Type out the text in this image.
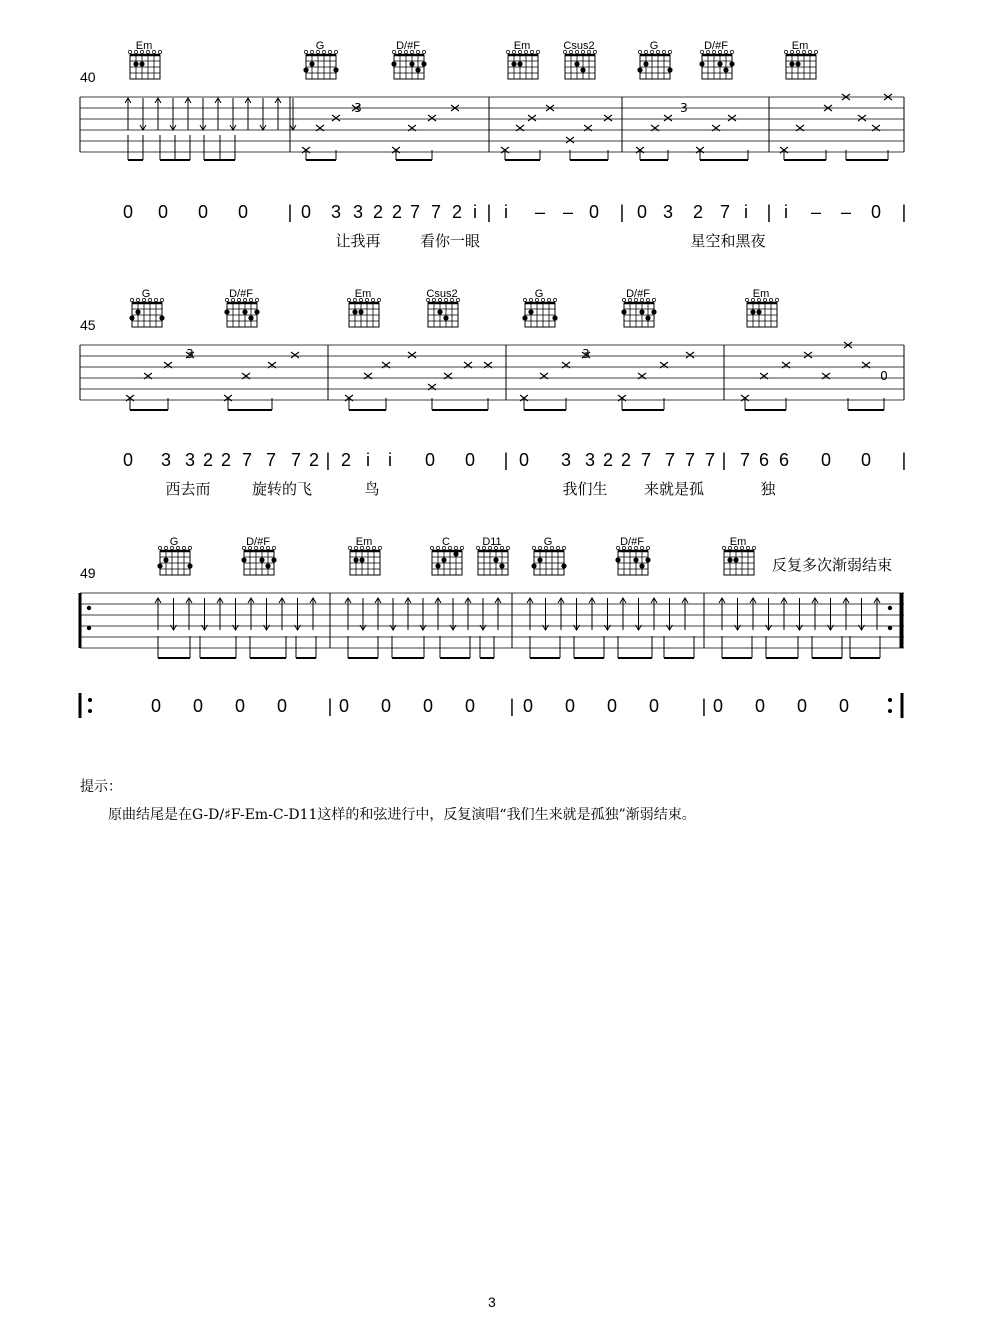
40
Em	G	D/#F	Em	Csus2	G	D/#F	Em
3	3
0 0 0 0 | 0 3 3 2 2 7 7 2 i | i – – 0 | 0 3 2 7 i | i – – 0 |
让我再	看你一眼	星空和黑夜
45
G	D/#F	Em	Csus2	G	D/#F	Em
3	3
0
0 3 3 2 2 7 7 7 2 | 2 i i 0 0 | 0 3 3 2 2 7 7 7 7 | 7 6 6 0 0 |
西去而	旋转的飞	鸟	我们生 来就是孤	独
49
G	D/#F	Em	C	D11	G	D/#F	Em
反复多次渐弱结束
0 0 0 0 | 0 0 0 0 | 0 0 0 0 | 0 0 0 0
提示：
原曲结尾是在G-D/♯F-Em-C-D11这样的和弦进行中，反复演唱“我们生来就是孤独”渐弱结束。
3
